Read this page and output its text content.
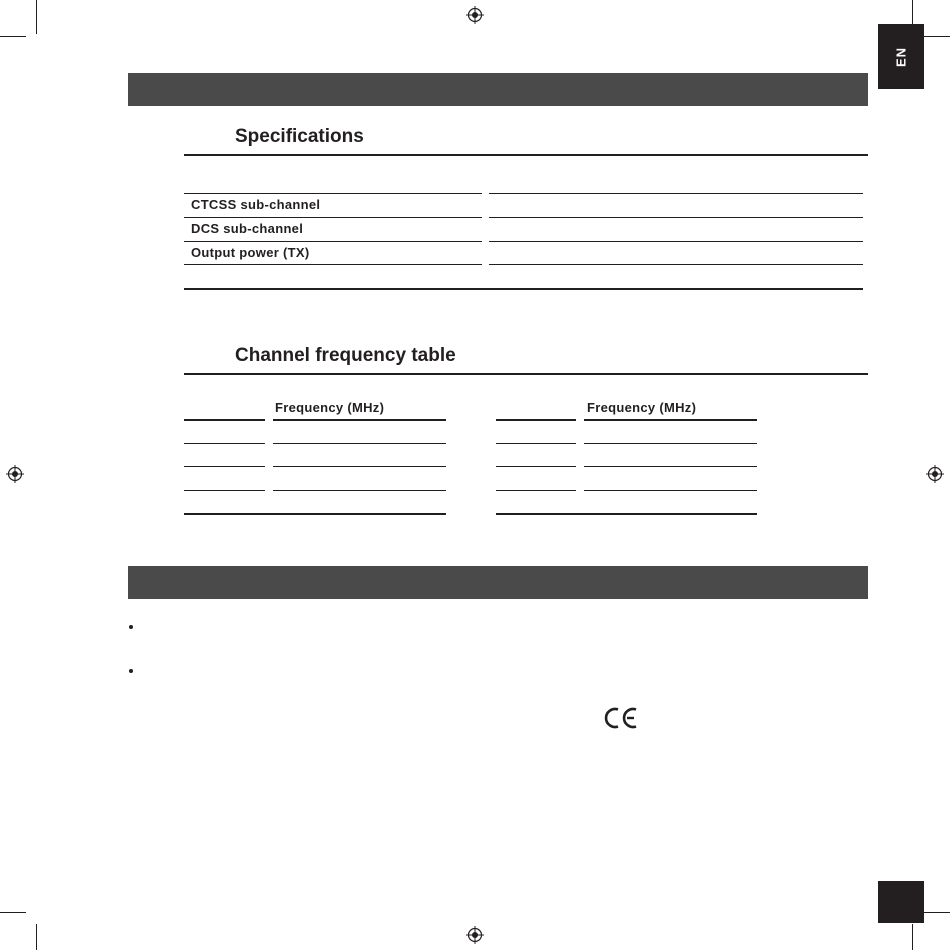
EN
Specifications
CTCSS sub-channel
DCS sub-channel
Output power (TX)
Channel frequency table
Frequency (MHz)	Frequency (MHz)
